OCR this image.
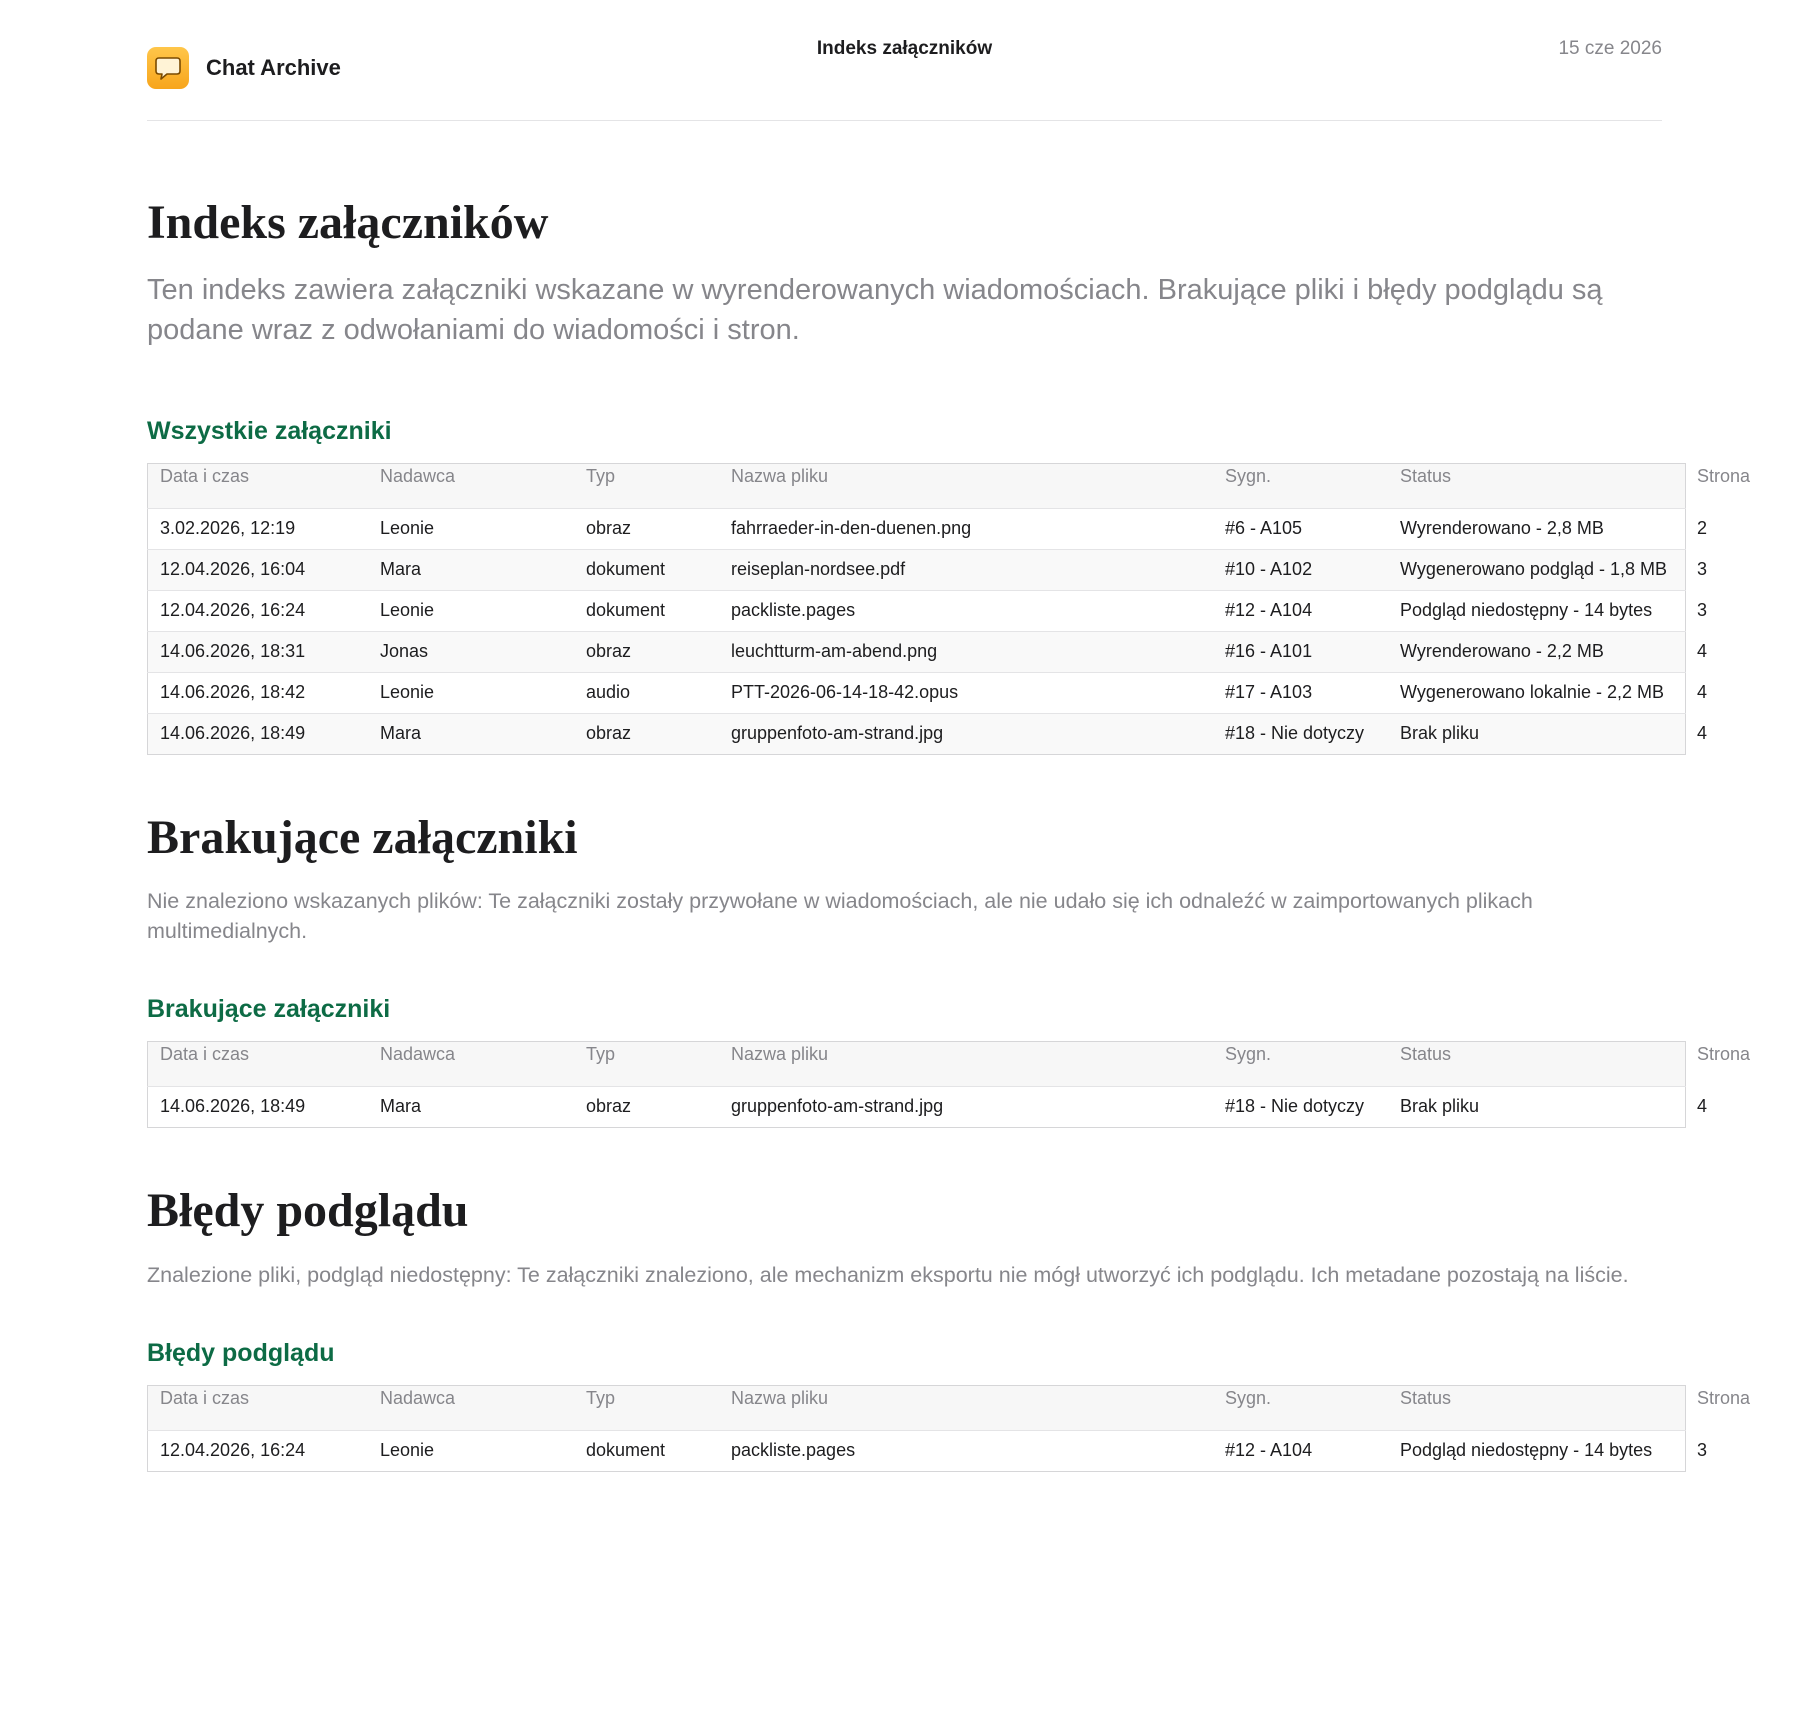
Chat Archive
Indeks załączników	15 cze 2026
Indeks załączników

Ten indeks zawiera załączniki wskazane w wyrenderowanych wiadomościach. Brakujące pliki i błędy podglądu są podane wraz z odwołaniami do wiadomości i stron.

Wszystkie załączniki
Data i czas	Nadawca	Typ	Nazwa pliku	Sygn.	Status	Strona
3.02.2026, 12:19	Leonie	obraz	fahrraeder-in-den-duenen.png	#6 - A105	Wyrenderowano - 2,8 MB	2
12.04.2026, 16:04	Mara	dokument	reiseplan-nordsee.pdf	#10 - A102	Wygenerowano podgląd - 1,8 MB	3
12.04.2026, 16:24	Leonie	dokument	packliste.pages	#12 - A104	Podgląd niedostępny - 14 bytes	3
14.06.2026, 18:31	Jonas	obraz	leuchtturm-am-abend.png	#16 - A101	Wyrenderowano - 2,2 MB	4
14.06.2026, 18:42	Leonie	audio	PTT-2026-06-14-18-42.opus	#17 - A103	Wygenerowano lokalnie - 2,2 MB	4
14.06.2026, 18:49	Mara	obraz	gruppenfoto-am-strand.jpg	#18 - Nie dotyczy	Brak pliku	4
Brakujące załączniki

Nie znaleziono wskazanych plików: Te załączniki zostały przywołane w wiadomościach, ale nie udało się ich odnaleźć w zaimportowanych plikach multimedialnych.

Brakujące załączniki
Data i czas	Nadawca	Typ	Nazwa pliku	Sygn.	Status	Strona
14.06.2026, 18:49	Mara	obraz	gruppenfoto-am-strand.jpg	#18 - Nie dotyczy	Brak pliku	4
Błędy podglądu

Znalezione pliki, podgląd niedostępny: Te załączniki znaleziono, ale mechanizm eksportu nie mógł utworzyć ich podglądu. Ich metadane pozostają na liście.

Błędy podglądu
Data i czas	Nadawca	Typ	Nazwa pliku	Sygn.	Status	Strona
12.04.2026, 16:24	Leonie	dokument	packliste.pages	#12 - A104	Podgląd niedostępny - 14 bytes	3
